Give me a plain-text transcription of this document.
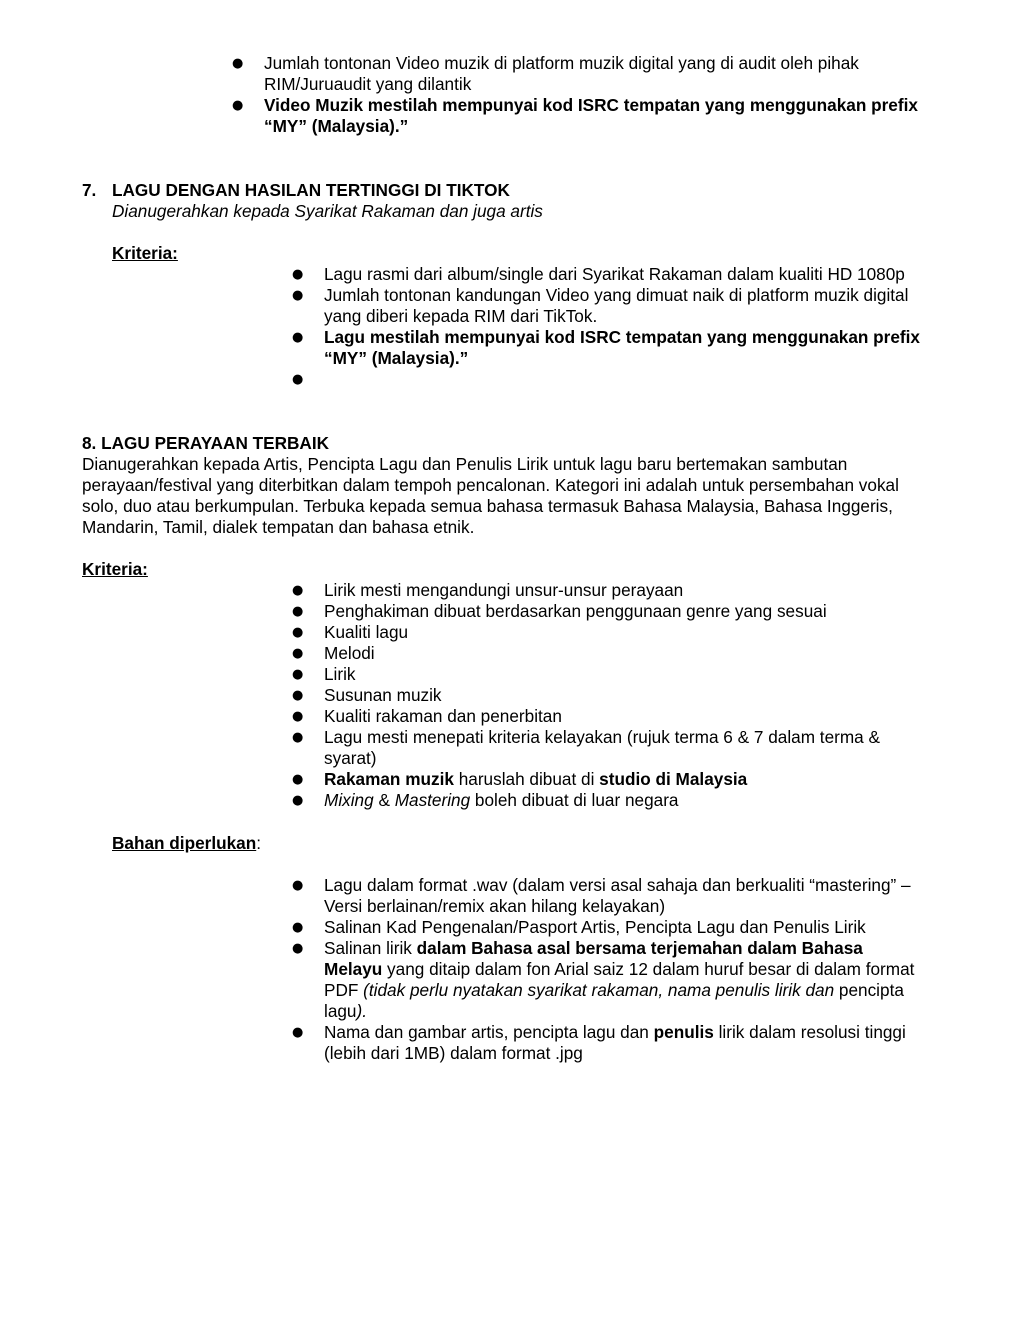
● Jumlah tontonan Video muzik di platform muzik digital yang di audit oleh pihak RIM/Juruaudit yang dilantik
● Video Muzik mestilah mempunyai kod ISRC tempatan yang menggunakan prefix “MY” (Malaysia).”
7. LAGU DENGAN HASILAN TERTINGGI DI TIKTOK
Dianugerahkan kepada Syarikat Rakaman dan juga artis
Kriteria:
● Lagu rasmi dari album/single dari Syarikat Rakaman dalam kualiti HD 1080p
● Jumlah tontonan kandungan Video yang dimuat naik di platform muzik digital yang diberi kepada RIM dari TikTok.
● Lagu mestilah mempunyai kod ISRC tempatan yang menggunakan prefix “MY” (Malaysia).”
●
8. LAGU PERAYAAN TERBAIK
Dianugerahkan kepada Artis, Pencipta Lagu dan Penulis Lirik untuk lagu baru bertemakan sambutan perayaan/festival yang diterbitkan dalam tempoh pencalonan. Kategori ini adalah untuk persembahan vokal solo, duo atau berkumpulan. Terbuka kepada semua bahasa termasuk Bahasa Malaysia, Bahasa Inggeris, Mandarin, Tamil, dialek tempatan dan bahasa etnik.
Kriteria:
● Lirik mesti mengandungi unsur-unsur perayaan
● Penghakiman dibuat berdasarkan penggunaan genre yang sesuai
● Kualiti lagu
● Melodi
● Lirik
● Susunan muzik
● Kualiti rakaman dan penerbitan
● Lagu mesti menepati kriteria kelayakan (rujuk terma 6 & 7 dalam terma & syarat)
● Rakaman muzik haruslah dibuat di studio di Malaysia
● Mixing & Mastering boleh dibuat di luar negara
Bahan diperlukan:
● Lagu dalam format .wav (dalam versi asal sahaja dan berkualiti “mastering” – Versi berlainan/remix akan hilang kelayakan)
● Salinan Kad Pengenalan/Pasport Artis, Pencipta Lagu dan Penulis Lirik
● Salinan lirik dalam Bahasa asal bersama terjemahan dalam Bahasa Melayu yang ditaip dalam fon Arial saiz 12 dalam huruf besar di dalam format PDF (tidak perlu nyatakan syarikat rakaman, nama penulis lirik dan pencipta lagu).
● Nama dan gambar artis, pencipta lagu dan penulis lirik dalam resolusi tinggi (lebih dari 1MB) dalam format .jpg
